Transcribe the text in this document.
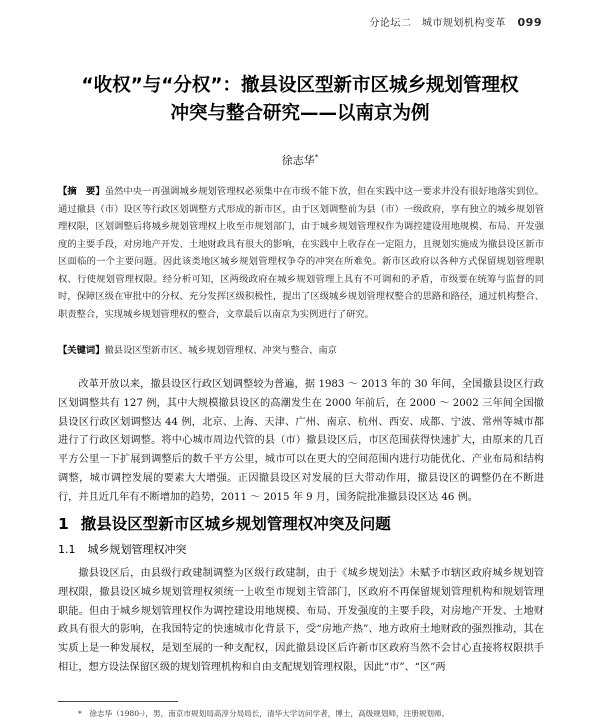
分论坛二　城市规划机构变革 099
“收权”与“分权”：撤县设区型新市区城乡规划管理权
冲突与整合研究——以南京为例
徐志华*

【摘　要】虽然中央一再强调城乡规划管理权必须集中在市级不能下放，但在实践中这一要求并没有很好地落实到位。通过撤县（市）设区等行政区划调整方式形成的新市区，由于区划调整前为县（市）一级政府，享有独立的城乡规划管理权限，区划调整后将城乡规划管理权上收至市规划部门，由于城乡规划管理权作为调控建设用地规模、布局、开发强度的主要手段，对房地产开发、土地财政具有很大的影响，在实践中上收存在一定阻力，且规划实施成为撤县设区新市区面临的一个主要问题。因此该类地区城乡规划管理权争夺的冲突在所难免。新市区政府以各种方式保留规划管理职权、行使规划管理权限。经分析可知，区两级政府在城乡规划管理上具有不可调和的矛盾，市级要在统筹与监督的同时，保障区级在审批中的分权、充分发挥区级积极性，提出了区级城乡规划管理权整合的思路和路径，通过机构整合、职责整合，实现城乡规划管理权的整合，文章最后以南京为实例进行了研究。

【关键词】撤县设区型新市区、城乡规划管理权、冲突与整合、南京

改革开放以来，撤县设区行政区划调整较为普遍，据 1983 ～ 2013 年的 30 年间，全国撤县设区行政区划调整共有 127 例，其中大规模撤县设区的高潮发生在 2000 年前后，在 2000 ～ 2002 三年间全国撤县设区行政区划调整达 44 例，北京、上海、天津、广州、南京、杭州、西安、成都、宁波、常州等城市都进行了行政区划调整。将中心城市周边代管的县（市）撤县设区后，市区范围获得快速扩大，由原来的几百平方公里一下扩展到调整后的数千平方公里，城市可以在更大的空间范围内进行功能优化、产业布局和结构调整，城市调控发展的要素大大增强。正因撤县设区对发展的巨大带动作用，撤县设区的调整仍在不断进行，并且近几年有不断增加的趋势，2011 ～ 2015 年 9 月，国务院批准撤县设区达 46 例。

1 撤县设区型新市区城乡规划管理权冲突及问题
1.1 城乡规划管理权冲突

撤县设区后，由县级行政建制调整为区级行政建制，由于《城乡规划法》未赋予市辖区政府城乡规划管理权限，撤县设区城乡规划管理权须统一上收至市规划主管部门，区政府不再保留规划管理机构和规划管理职能。但由于城乡规划管理权作为调控建设用地规模、布局、开发强度的主要手段，对房地产开发、土地财政具有很大的影响，在我国特定的快速城市化背景下，受“房地产热”、地方政府土地财政的强烈推动，其在实质上是一种发展权，是划至展的一种支配权，因此撤县设区后许新市区政府当然不会甘心直接将权限拱手相让，想方设法保留区级的规划管理机构和自由支配规划管理权限，因此“市”、“区”两

*　徐志华（1980-），男，南京市规划局高淳分局局长，清华大学访问学者，博士，高级规划师，注册规划师。
